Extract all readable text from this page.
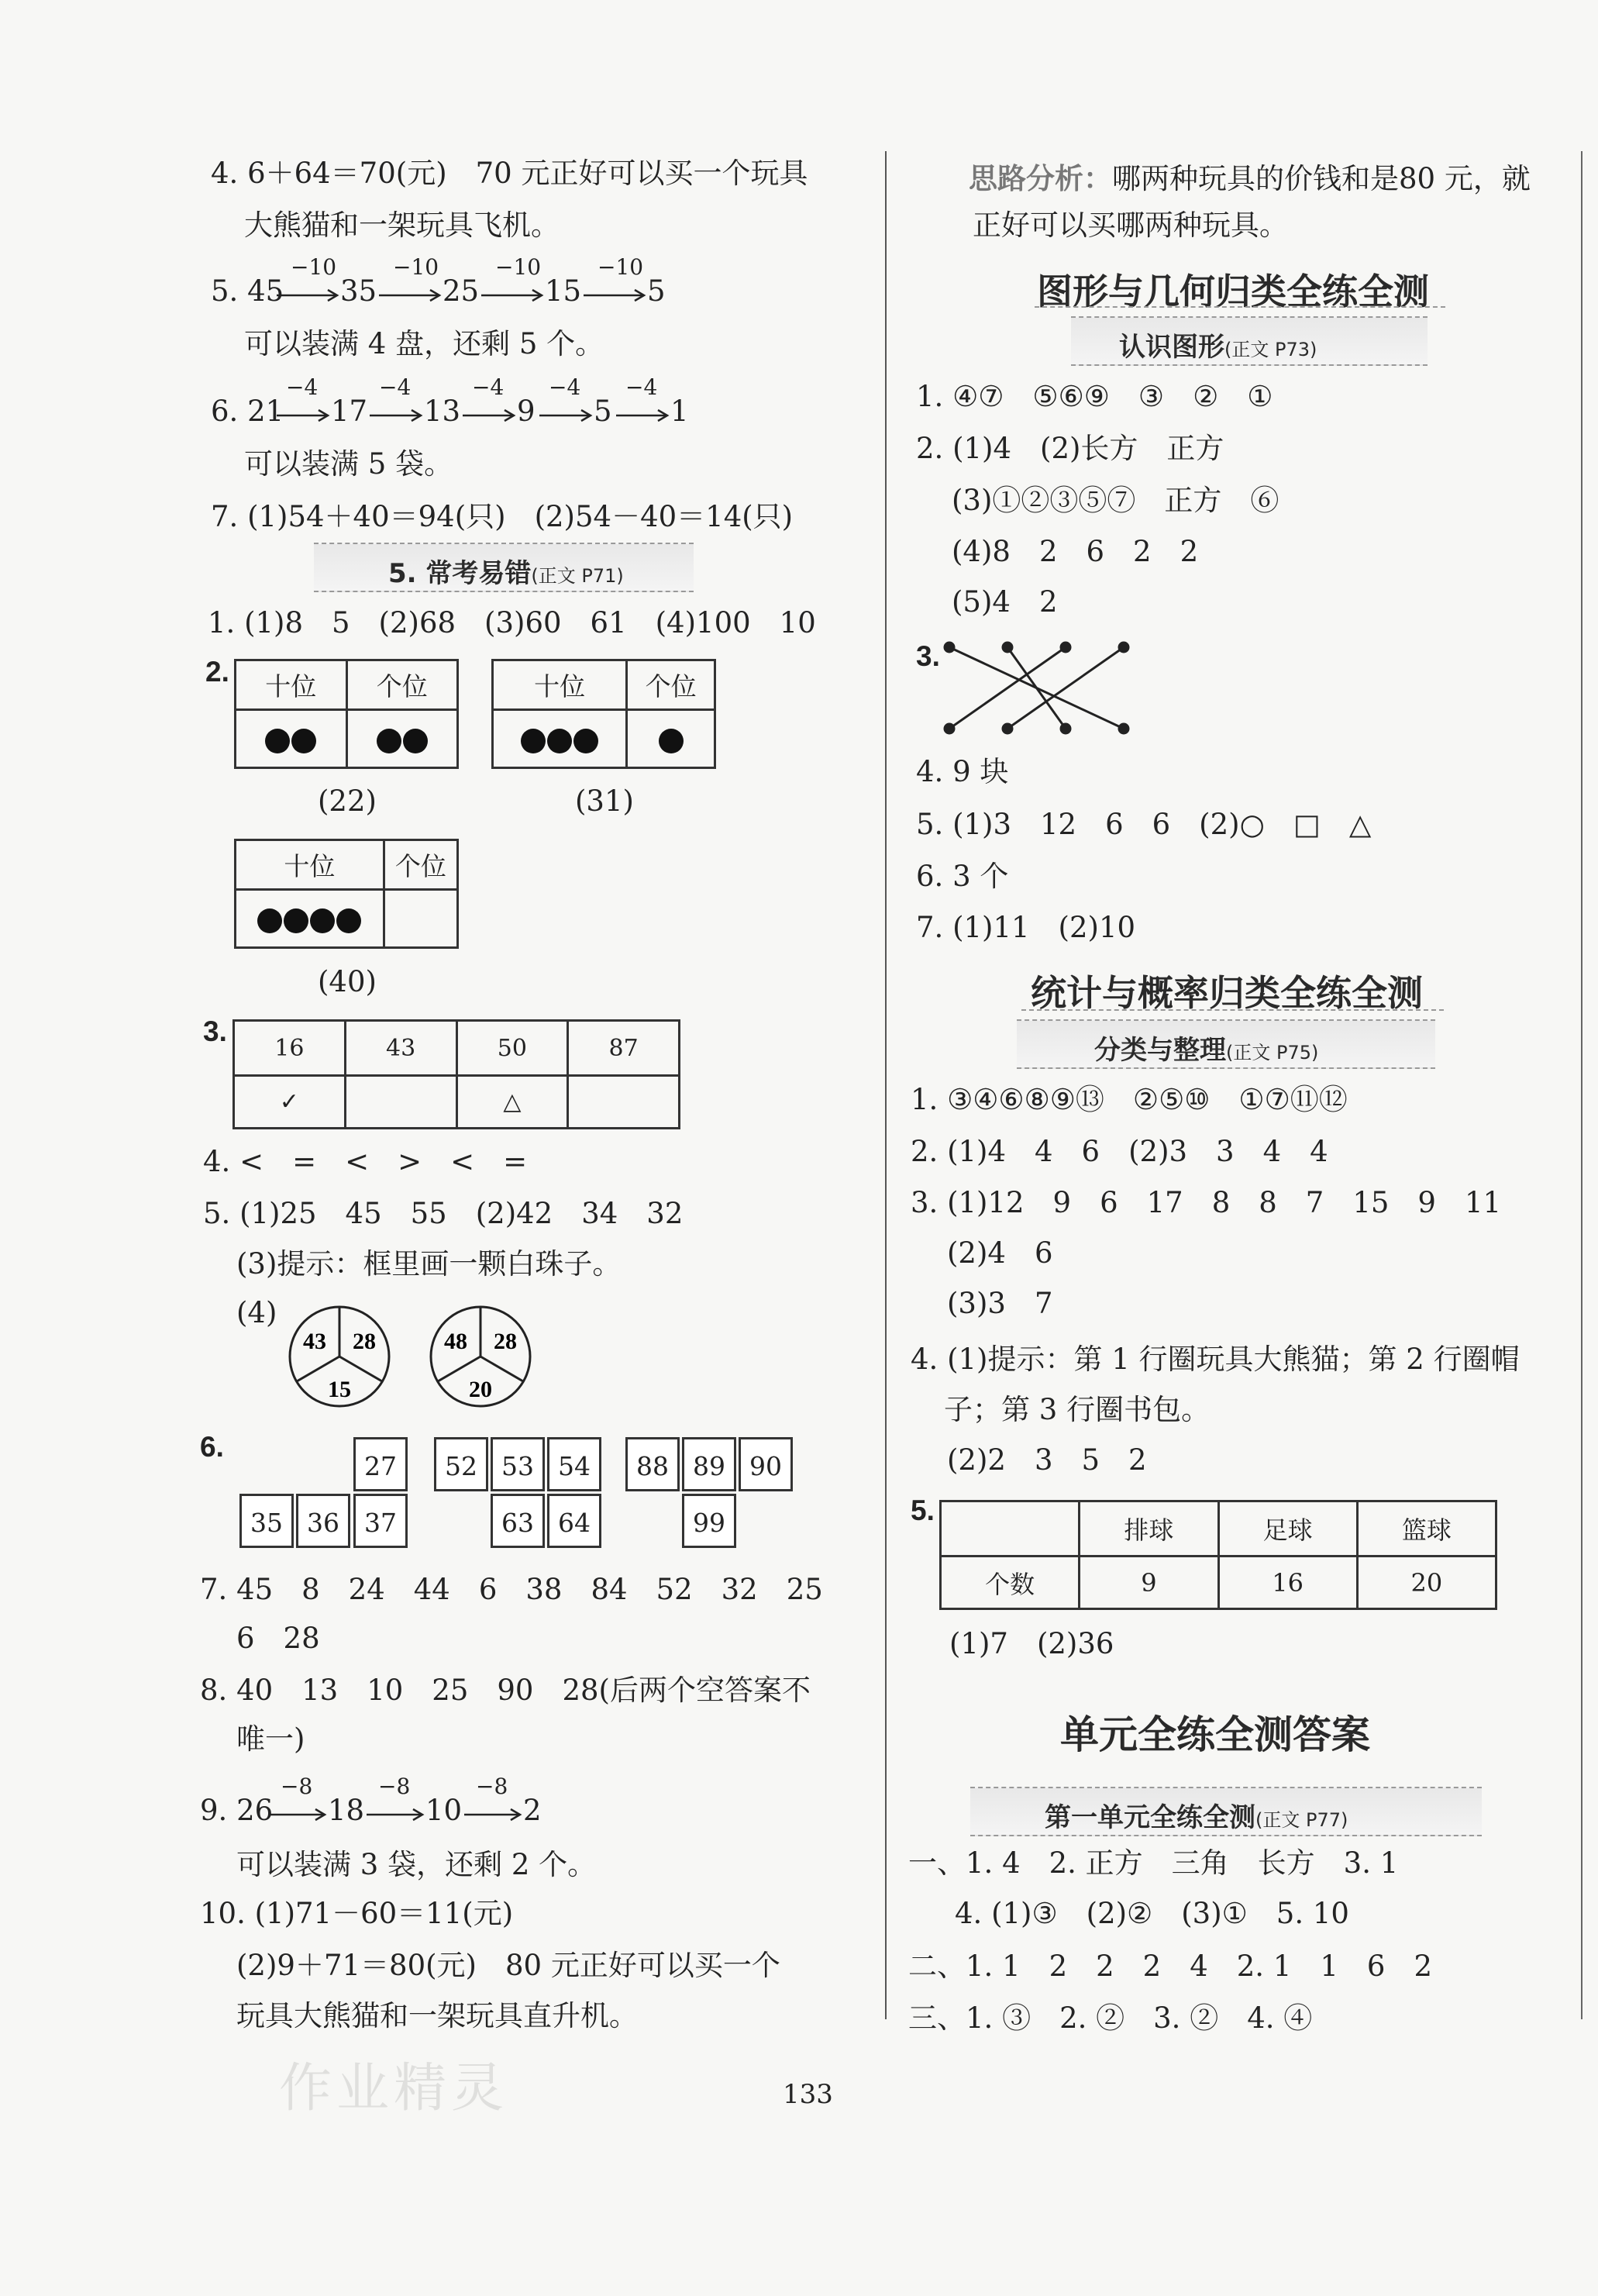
4. 6＋64＝70(元)　70 元正好可以买一个玩具
大熊猫和一架玩具飞机。
5. 45
−10
35
−10
25
−10
15
−10
5
可以装满 4 盘，还剩 5 个。
6. 21
−4
17
−4
13
−4
9
−4
5
−4
1
可以装满 5 袋。
7. (1)54＋40＝94(只)　(2)54－40＝14(只)
5. 常考易错(正文 P71)
1. (1)8　5　(2)68　(3)60　61　(4)100　10
2. 十位	个位

(22)
十位	个位

(31)
十位	个位

(40)
3.
16	43	50	87
✓		△	
4. <　=　<　>　<　=
5. (1)25　45　55　(2)42　34　32
(3)提示：框里画一颗白珠子。
(4)
43 28
15
48 28
20
6.
27
35 36 37
52 53 54
63 64
88 89 90
99
7. 45　8　24　44　6　38　84　52　32　25
6　28
8. 40　13　10　25　90　28(后两个空答案不
唯一)
9. 26
−8
18
−8
10
−8
2
可以装满 3 袋，还剩 2 个。
10. (1)71－60＝11(元)
(2)9＋71＝80(元)　80 元正好可以买一个
玩具大熊猫和一架玩具直升机。
作业精灵
思路分析：哪两种玩具的价钱和是80 元，就
正好可以买哪两种玩具。
图形与几何归类全练全测
认识图形(正文 P73)
1. ④⑦　⑤⑥⑨　③　②　①
2. (1)4　(2)长方　正方
(3)①②③⑤⑦　正方　⑥
(4)8　2　6　2　2
(5)4　2
3.
4. 9 块
5. (1)3　12　6　6　(2)○　□　△
6. 3 个
7. (1)11　(2)10
统计与概率归类全练全测
分类与整理(正文 P75)
1. ③④⑥⑧⑨⑬　②⑤⑩　①⑦⑪⑫
2. (1)4　4　6　(2)3　3　4　4
3. (1)12　9　6　17　8　8　7　15　9　11
(2)4　6
(3)3　7
4. (1)提示：第 1 行圈玩具大熊猫；第 2 行圈帽
子；第 3 行圈书包。
(2)2　3　5　2
5.
	排球	足球	篮球
个数	9	16	20
(1)7　(2)36
单元全练全测答案
第一单元全练全测(正文 P77)
一、1. 4　2. 正方　三角　长方　3. 1
4. (1)③　(2)②　(3)①　5. 10
二、1. 1　2　2　2　4　2. 1　1　6　2
三、1. ③　2. ②　3. ②　4. ④
133
